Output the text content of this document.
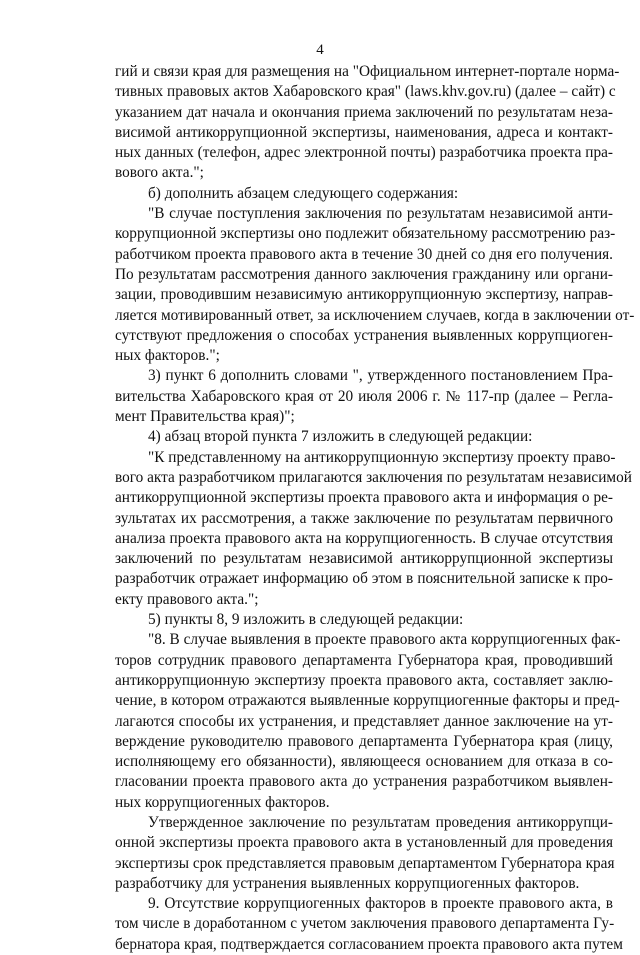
4
гий и связи края для размещения на "Официальном интернет-портале норма-
тивных правовых актов Хабаровского края" (laws.khv.gov.ru) (далее – сайт) с
указанием дат начала и окончания приема заключений по результатам неза-
висимой антикоррупционной экспертизы, наименования, адреса и контакт-
ных данных (телефон, адрес электронной почты) разработчика проекта пра-
вового акта.";
б) дополнить абзацем следующего содержания:
"В случае поступления заключения по результатам независимой анти-
коррупционной экспертизы оно подлежит обязательному рассмотрению раз-
работчиком проекта правового акта в течение 30 дней со дня его получения.
По результатам рассмотрения данного заключения гражданину или органи-
зации, проводившим независимую антикоррупционную экспертизу, направ-
ляется мотивированный ответ, за исключением случаев, когда в заключении от-
сутствуют предложения о способах устранения выявленных коррупциоген-
ных факторов.";
3) пункт 6 дополнить словами ", утвержденного постановлением Пра-
вительства Хабаровского края от 20 июля 2006 г. № 117-пр (далее – Регла-
мент Правительства края)";
4) абзац второй пункта 7 изложить в следующей редакции:
"К представленному на антикоррупционную экспертизу проекту право-
вого акта разработчиком прилагаются заключения по результатам независимой
антикоррупционной экспертизы проекта правового акта и информация о ре-
зультатах их рассмотрения, а также заключение по результатам первичного
анализа проекта правового акта на коррупциогенность. В случае отсутствия
заключений по результатам независимой антикоррупционной экспертизы
разработчик отражает информацию об этом в пояснительной записке к про-
екту правового акта.";
5) пункты 8, 9 изложить в следующей редакции:
"8. В случае выявления в проекте правового акта коррупциогенных фак-
торов сотрудник правового департамента Губернатора края, проводивший
антикоррупционную экспертизу проекта правового акта, составляет заклю-
чение, в котором отражаются выявленные коррупциогенные факторы и пред-
лагаются способы их устранения, и представляет данное заключение на ут-
верждение руководителю правового департамента Губернатора края (лицу,
исполняющему его обязанности), являющееся основанием для отказа в со-
гласовании проекта правового акта до устранения разработчиком выявлен-
ных коррупциогенных факторов.
Утвержденное заключение по результатам проведения антикоррупци-
онной экспертизы проекта правового акта в установленный для проведения
экспертизы срок представляется правовым департаментом Губернатора края
разработчику для устранения выявленных коррупциогенных факторов.
9. Отсутствие коррупциогенных факторов в проекте правового акта, в
том числе в доработанном с учетом заключения правового департамента Гу-
бернатора края, подтверждается согласованием проекта правового акта путем
